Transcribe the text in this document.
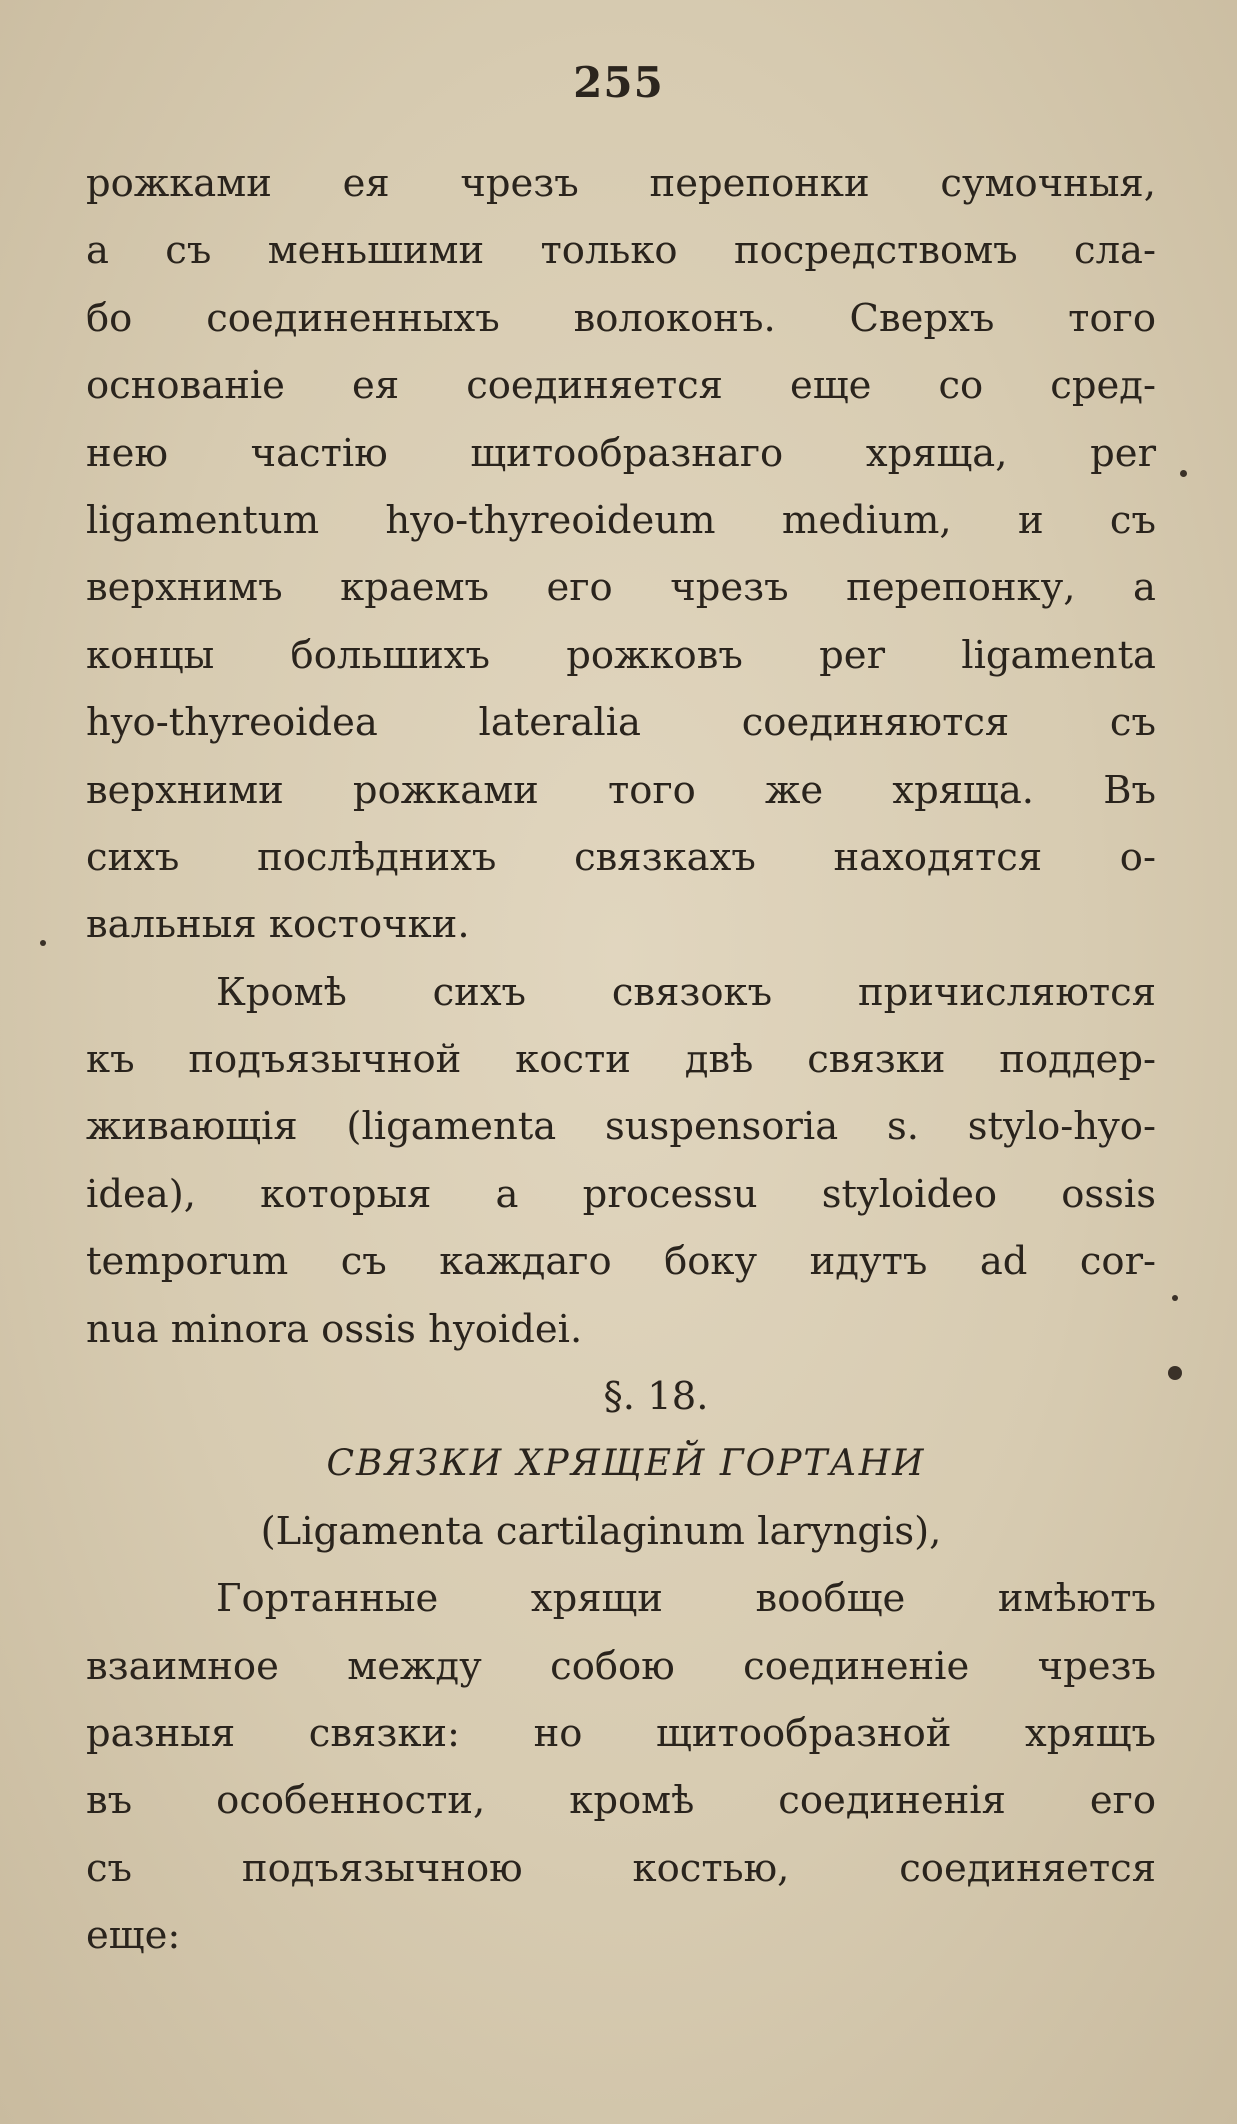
255
рожками ея чрезъ перепонки сумочныя,
а съ меньшими только посредствомъ сла-
бо соединенныхъ волоконъ. Сверхъ того
основанiе ея соединяется еще со сред-
нею частiю щитообразнаго хряща, per
ligamentum hyo-thyreoideum medium, и съ
верхнимъ краемъ его чрезъ перепонку, а
концы большихъ рожковъ per ligamenta
hyo-thyreoidea lateralia соединяются съ
верхними рожками того же хряща. Въ
сихъ послѣднихъ связкахъ находятся о-
вальныя косточки.
Кромѣ сихъ связокъ причисляются
къ подъязычной кости двѣ связки поддер-
живающiя (ligamenta suspensoria s. stylo-hyo-
idea), которыя a processu styloideo ossis
temporum съ каждаго боку идутъ ad cor-
nua minora ossis hyoidei.
§. 18.
СВЯЗКИ ХРЯЩЕЙ ГОРТАНИ
(Ligamenta cartilaginum laryngis),
Гортанные хрящи вообще имѣютъ
взаимное между собою соединенiе чрезъ
разныя связки: но щитообразной хрящъ
въ особенности, кромѣ соединенiя его
съ подъязычною костью, соединяется
еще:
